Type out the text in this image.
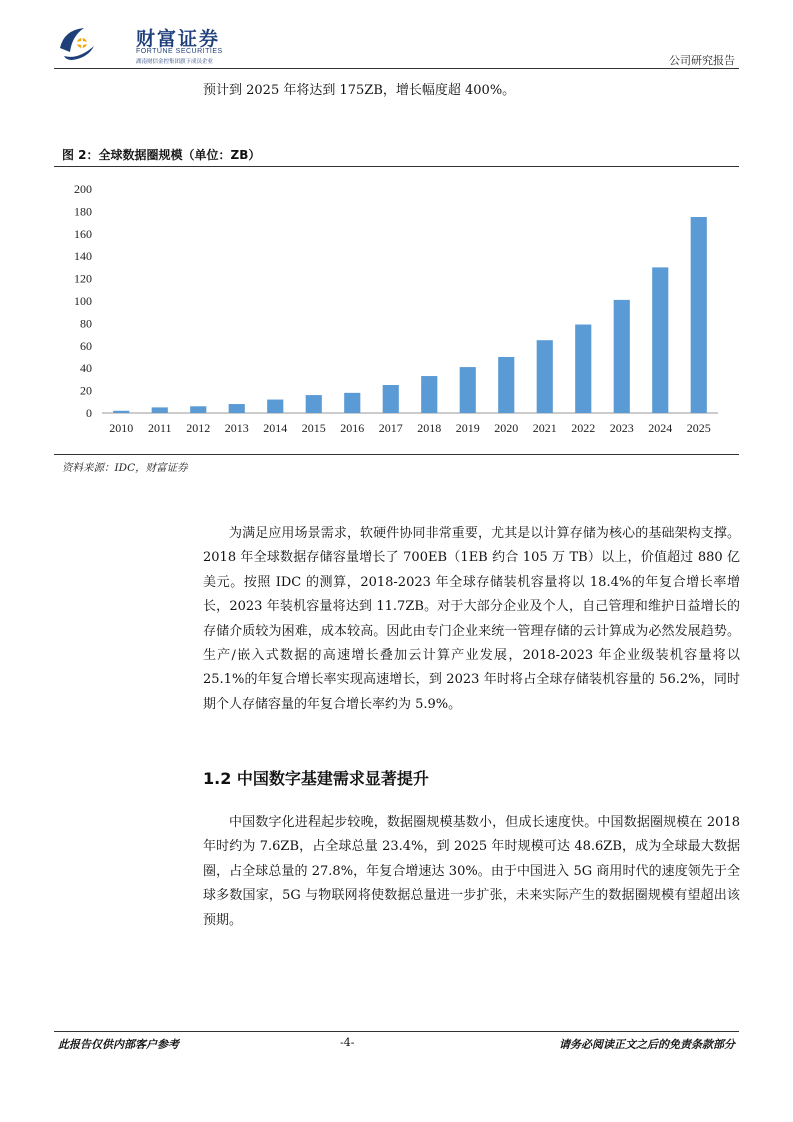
财富证券
FORTUNE SECURITIES
湖南财信金控集团旗下成员企业	公司研究报告
预计到 2025 年将达到 175ZB，增长幅度超 400%。
图 2：全球数据圈规模（单位：ZB）
0
20
40
60
80
100
120
140
160
180
200
2010 2011 2012 2013 2014 2015 2016 2017 2018 2019 2020 2021 2022 2023 2024 2025
资料来源：IDC，财富证券

为满足应用场景需求，软硬件协同非常重要，尤其是以计算存储为核心的基础架构支撑。2018 年全球数据存储容量增长了 700EB（1EB 约合 105 万 TB）以上，价值超过 880 亿美元。按照 IDC 的测算，2018-2023 年全球存储装机容量将以 18.4%的年复合增长率增长，2023 年装机容量将达到 11.7ZB。对于大部分企业及个人，自己管理和维护日益增长的存储介质较为困难，成本较高。因此由专门企业来统一管理存储的云计算成为必然发展趋势。生产/嵌入式数据的高速增长叠加云计算产业发展，2018-2023 年企业级装机容量将以 25.1%的年复合增长率实现高速增长，到 2023 年时将占全球存储装机容量的 56.2%，同时期个人存储容量的年复合增长率约为 5.9%。

1.2 中国数字基建需求显著提升

中国数字化进程起步较晚，数据圈规模基数小，但成长速度快。中国数据圈规模在 2018 年时约为 7.6ZB，占全球总量 23.4%，到 2025 年时规模可达 48.6ZB，成为全球最大数据圈，占全球总量的 27.8%，年复合增速达 30%。由于中国进入 5G 商用时代的速度领先于全球多数国家，5G 与物联网将使数据总量进一步扩张，未来实际产生的数据圈规模有望超出该预期。

此报告仅供内部客户参考	-4-	请务必阅读正文之后的免责条款部分
